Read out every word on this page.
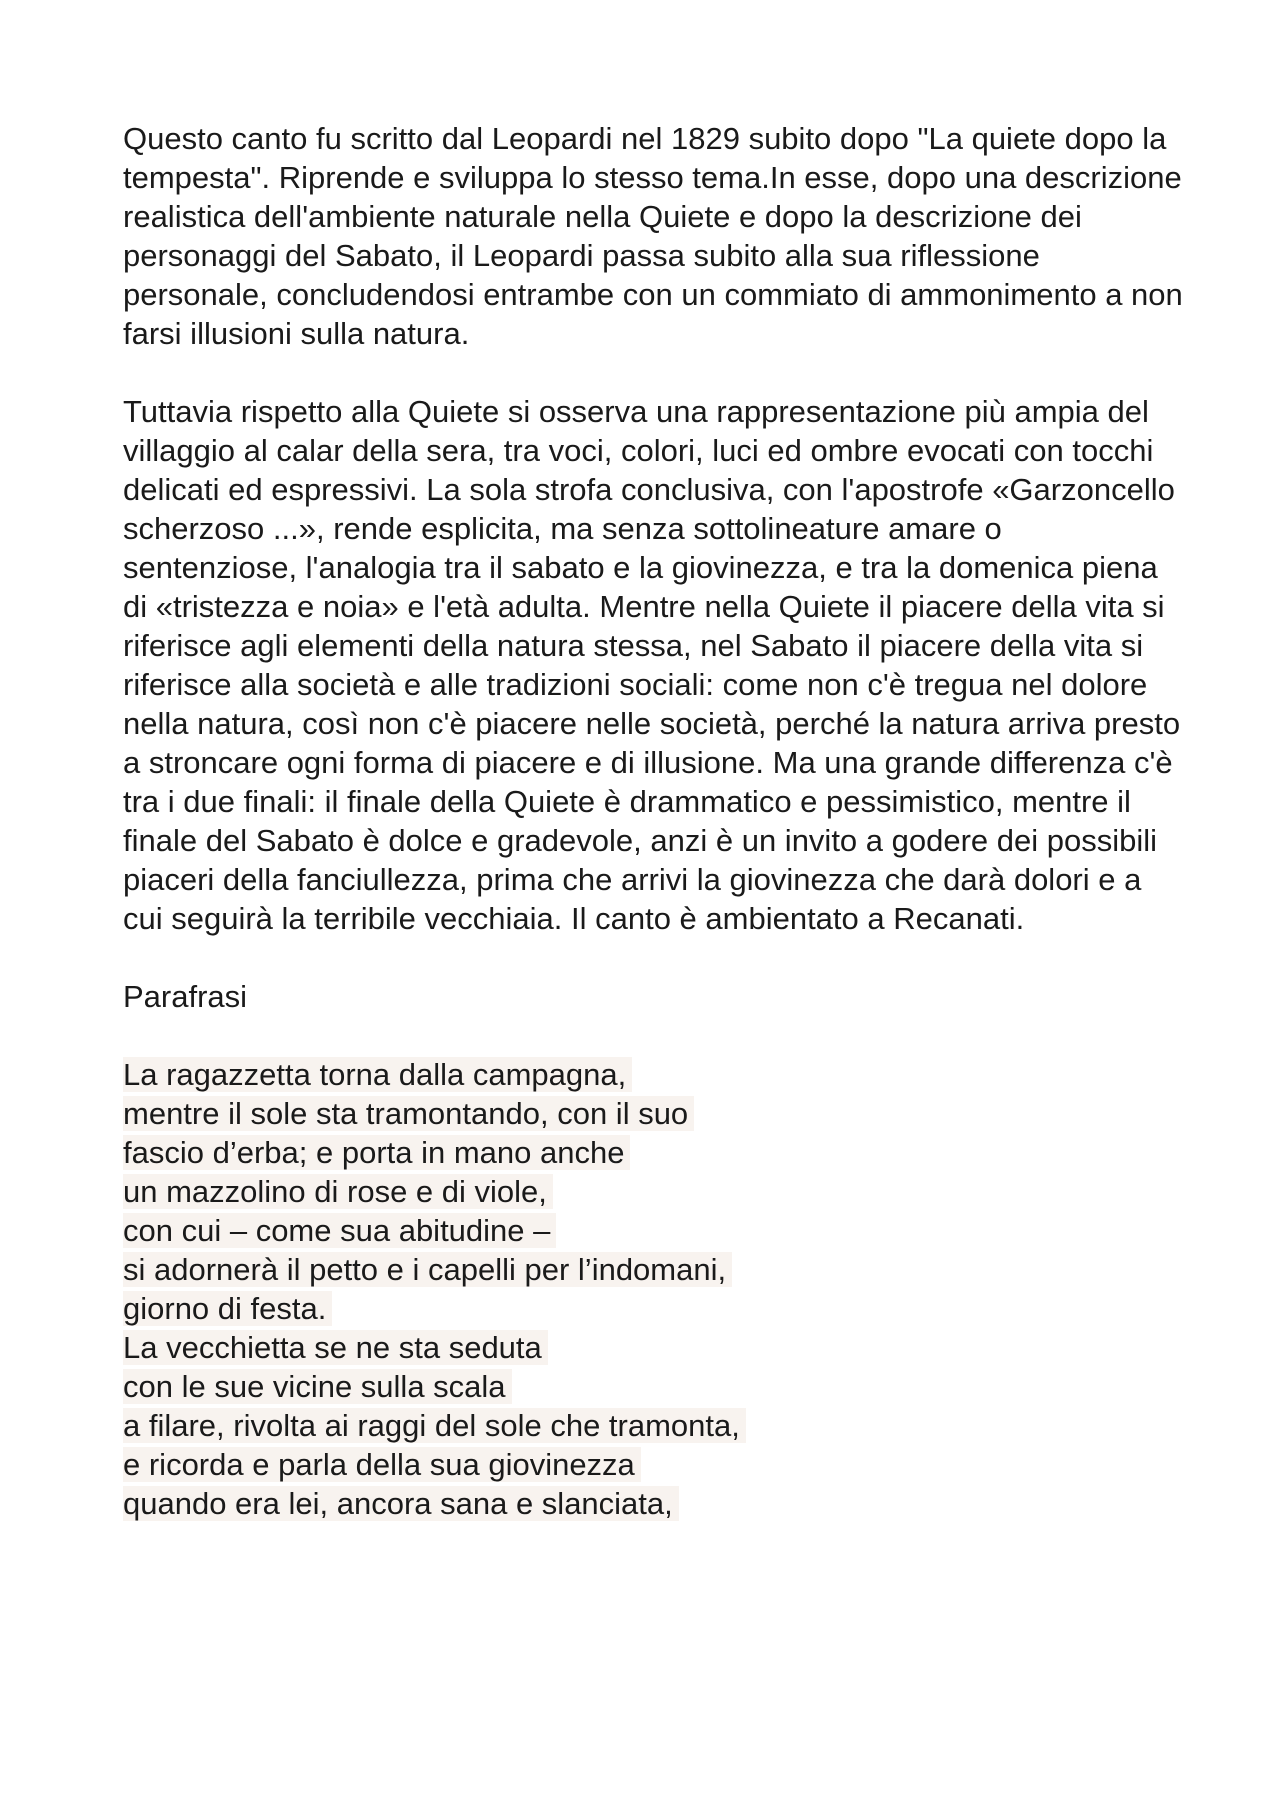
Questo canto fu scritto dal Leopardi nel 1829 subito dopo "La quiete dopo la tempesta". Riprende e sviluppa lo stesso tema.In esse, dopo una descrizione realistica dell'ambiente naturale nella Quiete e dopo la descrizione dei personaggi del Sabato, il Leopardi passa subito alla sua riflessione personale, concludendosi entrambe con un commiato di ammonimento a non farsi illusioni sulla natura.

Tuttavia rispetto alla Quiete si osserva una rappresentazione più ampia del villaggio al calar della sera, tra voci, colori, luci ed ombre evocati con tocchi delicati ed espressivi. La sola strofa conclusiva, con l'apostrofe «Garzoncello scherzoso ...», rende esplicita, ma senza sottolineature amare o sentenziose, l'analogia tra il sabato e la giovinezza, e tra la domenica piena di «tristezza e noia» e l'età adulta. Mentre nella Quiete il piacere della vita si riferisce agli elementi della natura stessa, nel Sabato il piacere della vita si riferisce alla società e alle tradizioni sociali: come non c'è tregua nel dolore nella natura, così non c'è piacere nelle società, perché la natura arriva presto a stroncare ogni forma di piacere e di illusione. Ma una grande differenza c'è tra i due finali: il finale della Quiete è drammatico e pessimistico, mentre il finale del Sabato è dolce e gradevole, anzi è un invito a godere dei possibili piaceri della fanciullezza, prima che arrivi la giovinezza che darà dolori e a cui seguirà la terribile vecchiaia. Il canto è ambientato a Recanati.

Parafrasi

La ragazzetta torna dalla campagna,
mentre il sole sta tramontando, con il suo
fascio d’erba; e porta in mano anche
un mazzolino di rose e di viole,
con cui – come sua abitudine –
si adornerà il petto e i capelli per l’indomani,
giorno di festa.
La vecchietta se ne sta seduta
con le sue vicine sulla scala
a filare, rivolta ai raggi del sole che tramonta,
e ricorda e parla della sua giovinezza
quando era lei, ancora sana e slanciata,
